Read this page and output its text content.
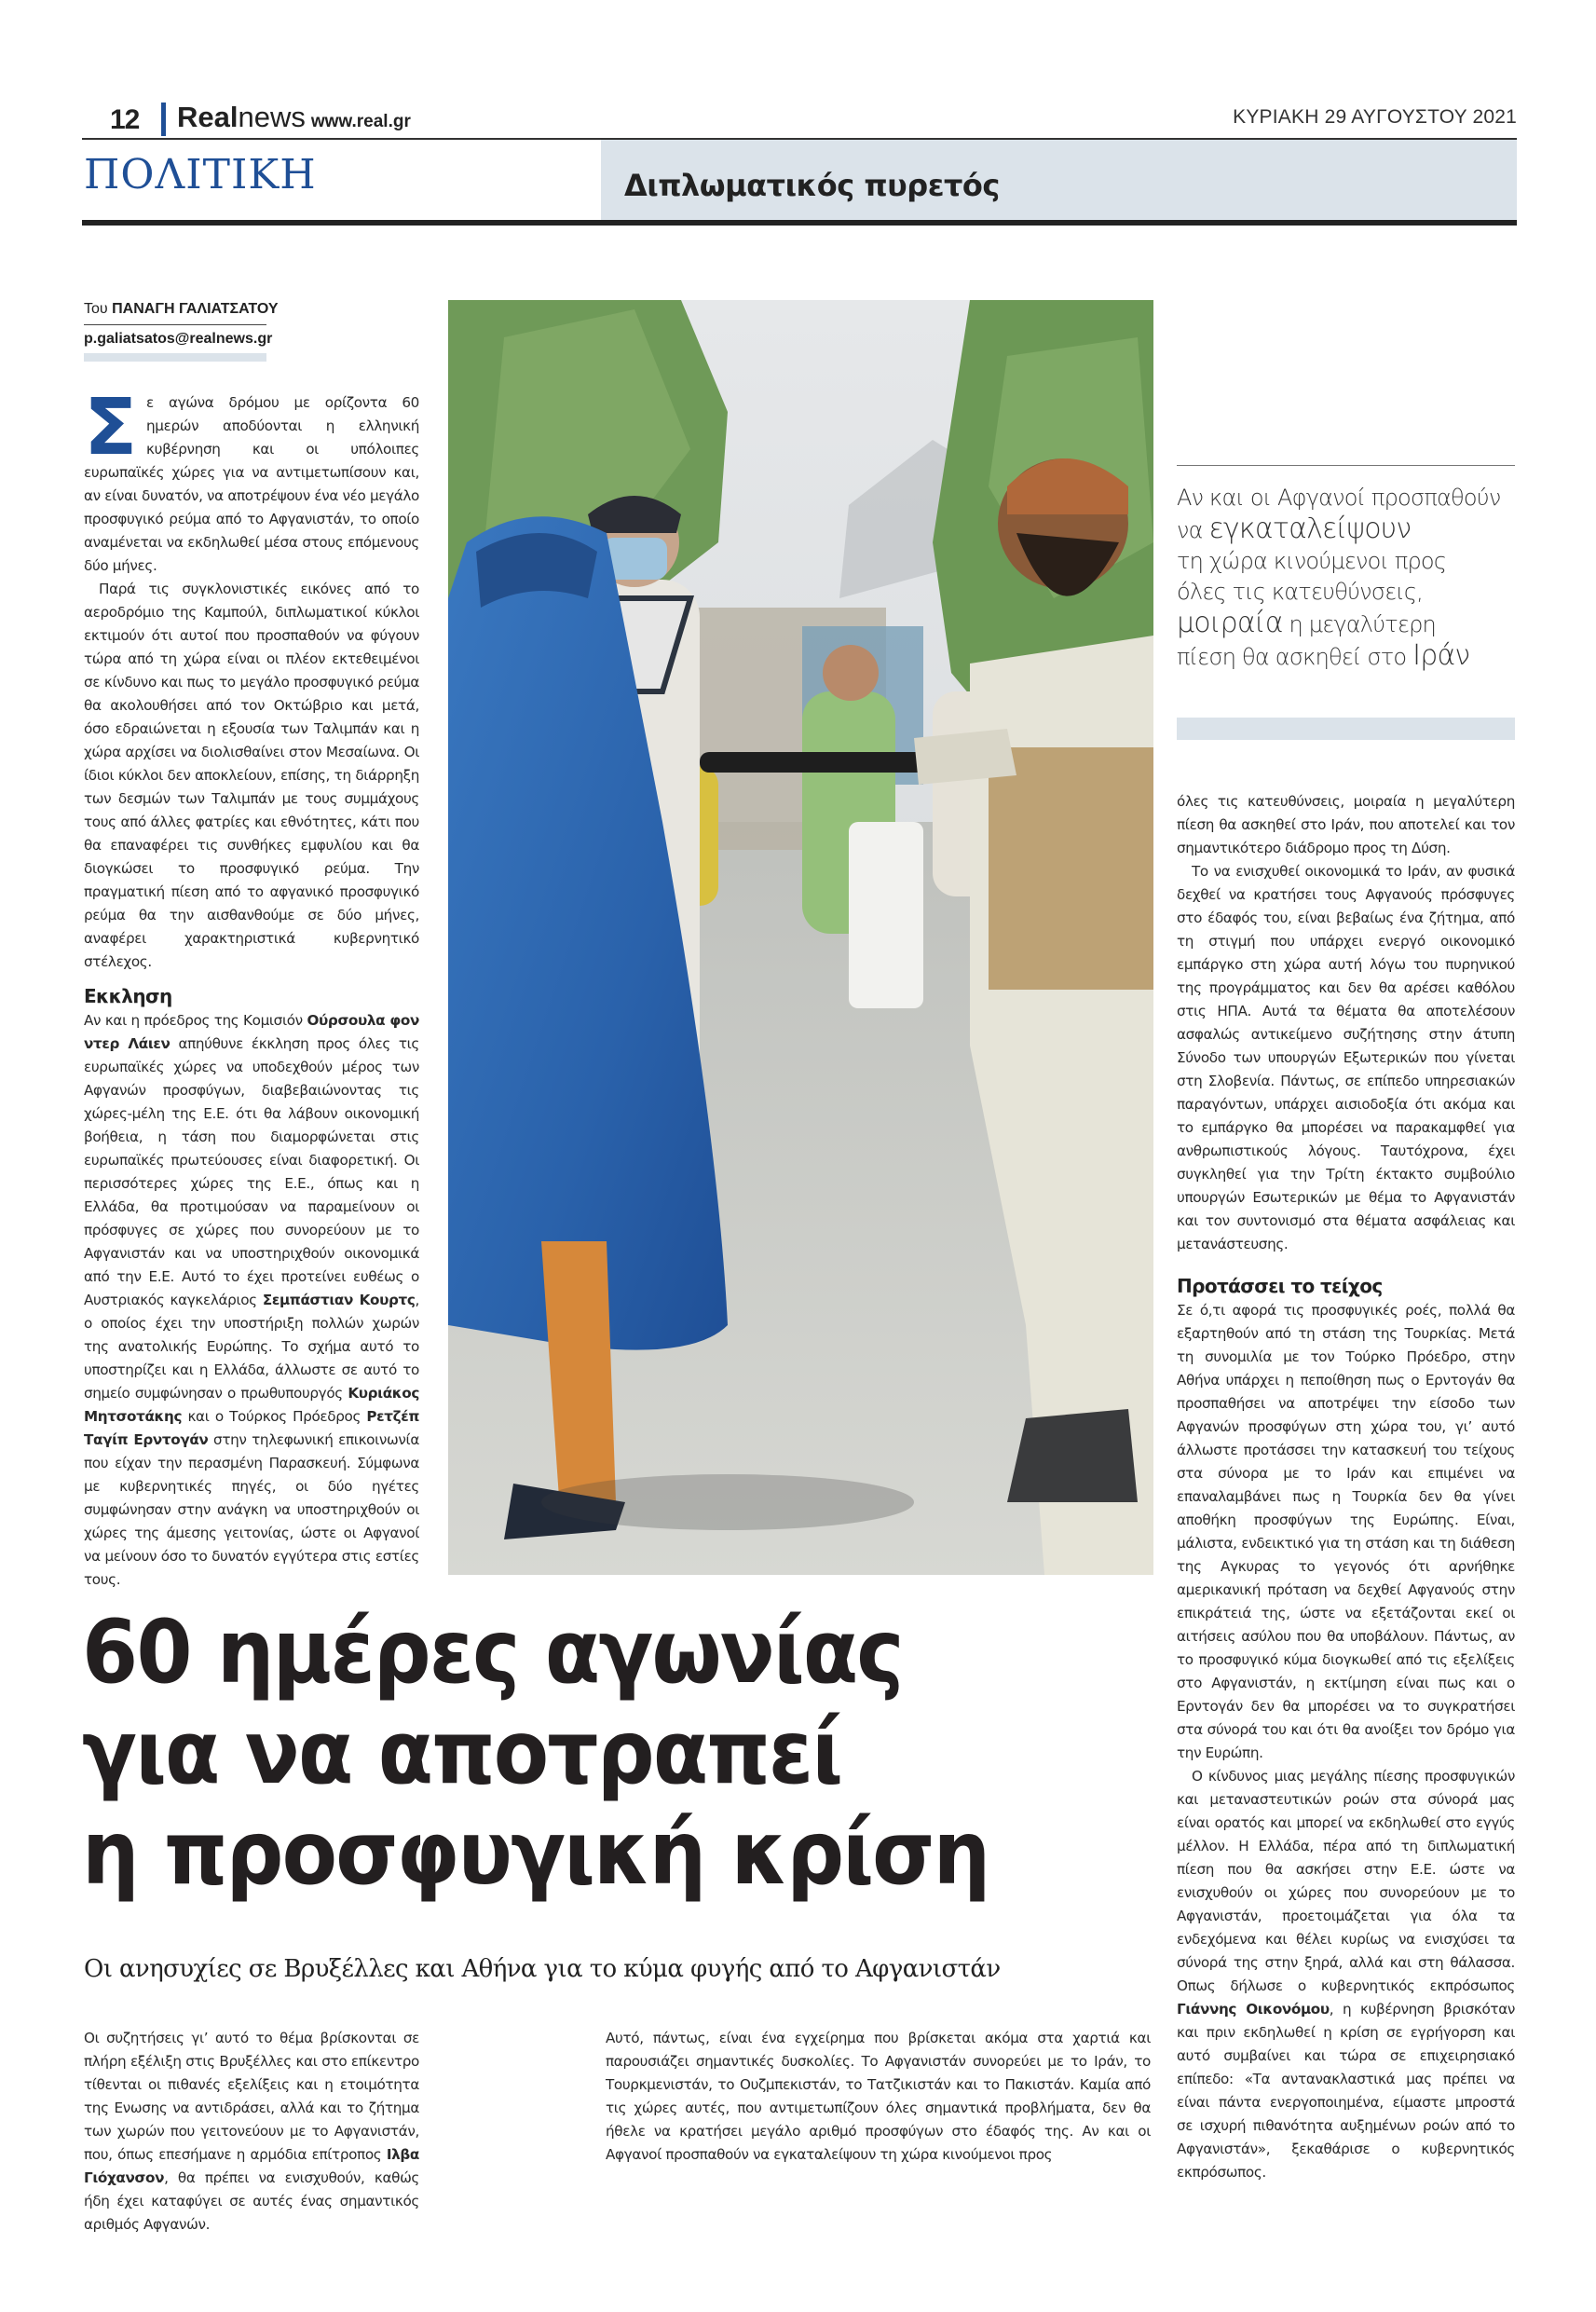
12 Realnews www.real.gr	ΚΥΡΙΑΚΗ 29 ΑΥΓΟΥΣΤΟΥ 2021
ΠΟΛΙΤΙΚΗ	Διπλωματικός πυρετός
Του ΠΑΝΑΓΗ ΓΑΛΙΑΤΣΑΤΟΥ
p.galiatsatos@realnews.gr

Σε αγώνα δρόμου με ορίζοντα 60 ημερών αποδύονται η ελληνική κυβέρνηση και οι υπόλοιπες ευρωπαϊκές χώρες για να αντιμετωπίσουν και, αν είναι δυνατόν, να αποτρέψουν ένα νέο μεγάλο προσφυγικό ρεύμα από το Αφγανιστάν, το οποίο αναμένεται να εκδηλωθεί μέσα στους επόμενους δύο μήνες.

Παρά τις συγκλονιστικές εικόνες από το αεροδρόμιο της Καμπούλ, διπλωματικοί κύκλοι εκτιμούν ότι αυτοί που προσπαθούν να φύγουν τώρα από τη χώρα είναι οι πλέον εκτεθειμένοι σε κίνδυνο και πως το μεγάλο προσφυγικό ρεύμα θα ακολουθήσει από τον Οκτώβριο και μετά, όσο εδραιώνεται η εξουσία των Ταλιμπάν και η χώρα αρχίσει να διολισθαίνει στον Μεσαίωνα. Οι ίδιοι κύκλοι δεν αποκλείουν, επίσης, τη διάρρηξη των δεσμών των Ταλιμπάν με τους συμμάχους τους από άλλες φατρίες και εθνότητες, κάτι που θα επαναφέρει τις συνθήκες εμφυλίου και θα διογκώσει το προσφυγικό ρεύμα. Την πραγματική πίεση από το αφγανικό προσφυγικό ρεύμα θα την αισθανθούμε σε δύο μήνες, αναφέρει χαρακτηριστικά κυβερνητικό στέλεχος.

Εκκληση

Αν και η πρόεδρος της Κομισιόν Ούρσουλα φον ντερ Λάιεν απηύθυνε έκκληση προς όλες τις ευρωπαϊκές χώρες να υποδεχθούν μέρος των Αφγανών προσφύγων, διαβεβαιώνοντας τις χώρες-μέλη της Ε.Ε. ότι θα λάβουν οικονομική βοήθεια, η τάση που διαμορφώνεται στις ευρωπαϊκές πρωτεύουσες είναι διαφορετική. Οι περισσότερες χώρες της Ε.Ε., όπως και η Ελλάδα, θα προτιμούσαν να παραμείνουν οι πρόσφυγες σε χώρες που συνορεύουν με το Αφγανιστάν και να υποστηριχθούν οικονομικά από την Ε.Ε. Αυτό το έχει προτείνει ευθέως ο Αυστριακός καγκελάριος Σεμπάστιαν Κουρτς, ο οποίος έχει την υποστήριξη πολλών χωρών της ανατολικής Ευρώπης. Το σχήμα αυτό το υποστηρίζει και η Ελλάδα, άλλωστε σε αυτό το σημείο συμφώνησαν ο πρωθυπουργός Κυριάκος Μητσοτάκης και ο Τούρκος Πρόεδρος Ρετζέπ Ταγίπ Ερντογάν στην τηλεφωνική επικοινωνία που είχαν την περασμένη Παρασκευή. Σύμφωνα με κυβερνητικές πηγές, οι δύο ηγέτες συμφώνησαν στην ανάγκη να υποστηριχθούν οι χώρες της άμεσης γειτονίας, ώστε οι Αφγανοί να μείνουν όσο το δυνατόν εγγύτερα στις εστίες τους.

Αν και οι Αφγανοί προσπαθούν
να εγκαταλείψουν
τη χώρα κινούμενοι προς
όλες τις κατευθύνσεις,
μοιραία η μεγαλύτερη
πίεση θα ασκηθεί στο Ιράν

όλες τις κατευθύνσεις, μοιραία η μεγαλύτερη πίεση θα ασκηθεί στο Ιράν, που αποτελεί και τον σημαντικότερο διάδρομο προς τη Δύση.

Το να ενισχυθεί οικονομικά το Ιράν, αν φυσικά δεχθεί να κρατήσει τους Αφγανούς πρόσφυγες στο έδαφός του, είναι βεβαίως ένα ζήτημα, από τη στιγμή που υπάρχει ενεργό οικονομικό εμπάργκο στη χώρα αυτή λόγω του πυρηνικού της προγράμματος και δεν θα αρέσει καθόλου στις ΗΠΑ. Αυτά τα θέματα θα αποτελέσουν ασφαλώς αντικείμενο συζήτησης στην άτυπη Σύνοδο των υπουργών Εξωτερικών που γίνεται στη Σλοβενία. Πάντως, σε επίπεδο υπηρεσιακών παραγόντων, υπάρχει αισιοδοξία ότι ακόμα και το εμπάργκο θα μπορέσει να παρακαμφθεί για ανθρωπιστικούς λόγους. Ταυτόχρονα, έχει συγκληθεί για την Τρίτη έκτακτο συμβούλιο υπουργών Εσωτερικών με θέμα το Αφγανιστάν και τον συντονισμό στα θέματα ασφάλειας και μετανάστευσης.

Προτάσσει το τείχος

Σε ό,τι αφορά τις προσφυγικές ροές, πολλά θα εξαρτηθούν από τη στάση της Τουρκίας. Μετά τη συνομιλία με τον Τούρκο Πρόεδρο, στην Αθήνα υπάρχει η πεποίθηση πως ο Ερντογάν θα προσπαθήσει να αποτρέψει την είσοδο των Αφγανών προσφύγων στη χώρα του, γι’ αυτό άλλωστε προτάσσει την κατασκευή του τείχους στα σύνορα με το Ιράν και επιμένει να επαναλαμβάνει πως η Τουρκία δεν θα γίνει αποθήκη προσφύγων της Ευρώπης. Είναι, μάλιστα, ενδεικτικό για τη στάση και τη διάθεση της Αγκυρας το γεγονός ότι αρνήθηκε αμερικανική πρόταση να δεχθεί Αφγανούς στην επικράτειά της, ώστε να εξετάζονται εκεί οι αιτήσεις ασύλου που θα υποβάλουν. Πάντως, αν το προσφυγικό κύμα διογκωθεί από τις εξελίξεις στο Αφγανιστάν, η εκτίμηση είναι πως και ο Ερντογάν δεν θα μπορέσει να το συγκρατήσει στα σύνορά του και ότι θα ανοίξει τον δρόμο για την Ευρώπη.

Ο κίνδυνος μιας μεγάλης πίεσης προσφυγικών και μεταναστευτικών ροών στα σύνορά μας είναι ορατός και μπορεί να εκδηλωθεί στο εγγύς μέλλον. Η Ελλάδα, πέρα από τη διπλωματική πίεση που θα ασκήσει στην Ε.Ε. ώστε να ενισχυθούν οι χώρες που συνορεύουν με το Αφγανιστάν, προετοιμάζεται για όλα τα ενδεχόμενα και θέλει κυρίως να ενισχύσει τα σύνορά της στην ξηρά, αλλά και στη θάλασσα. Οπως δήλωσε ο κυβερνητικός εκπρόσωπος Γιάννης Οικονόμου, η κυβέρνηση βρισκόταν και πριν εκδηλωθεί η κρίση σε εγρήγορση και αυτό συμβαίνει και τώρα σε επιχειρησιακό επίπεδο: «Τα αντανακλαστικά μας πρέπει να είναι πάντα ενεργοποιημένα, είμαστε μπροστά σε ισχυρή πιθανότητα αυξημένων ροών από το Αφγανιστάν», ξεκαθάρισε ο κυβερνητικός εκπρόσωπος.

60 ημέρες αγωνίας
για να αποτραπεί
η προσφυγική κρίση
Οι ανησυχίες σε Βρυξέλλες και Αθήνα για το κύμα φυγής από το Αφγανιστάν

Οι συζητήσεις γι’ αυτό το θέμα βρίσκονται σε πλήρη εξέλιξη στις Βρυξέλλες και στο επίκεντρο τίθενται οι πιθανές εξελίξεις και η ετοιμότητα της Ενωσης να αντιδράσει, αλλά και το ζήτημα των χωρών που γειτονεύουν με το Αφγανιστάν, που, όπως επεσήμανε η αρμόδια επίτροπος Ιλβα Γιόχανσον, θα πρέπει να ενισχυθούν, καθώς ήδη έχει καταφύγει σε αυτές ένας σημαντικός αριθμός Αφγανών.

Αυτό, πάντως, είναι ένα εγχείρημα που βρίσκεται ακόμα στα χαρτιά και παρουσιάζει σημαντικές δυσκολίες. Το Αφγανιστάν συνορεύει με το Ιράν, το Τουρκμενιστάν, το Ουζμπεκιστάν, το Τατζικιστάν και το Πακιστάν. Καμία από τις χώρες αυτές, που αντιμετωπίζουν όλες σημαντικά προβλήματα, δεν θα ήθελε να κρατήσει μεγάλο αριθμό προσφύγων στο έδαφός της. Αν και οι Αφγανοί προσπαθούν να εγκαταλείψουν τη χώρα κινούμενοι προς
